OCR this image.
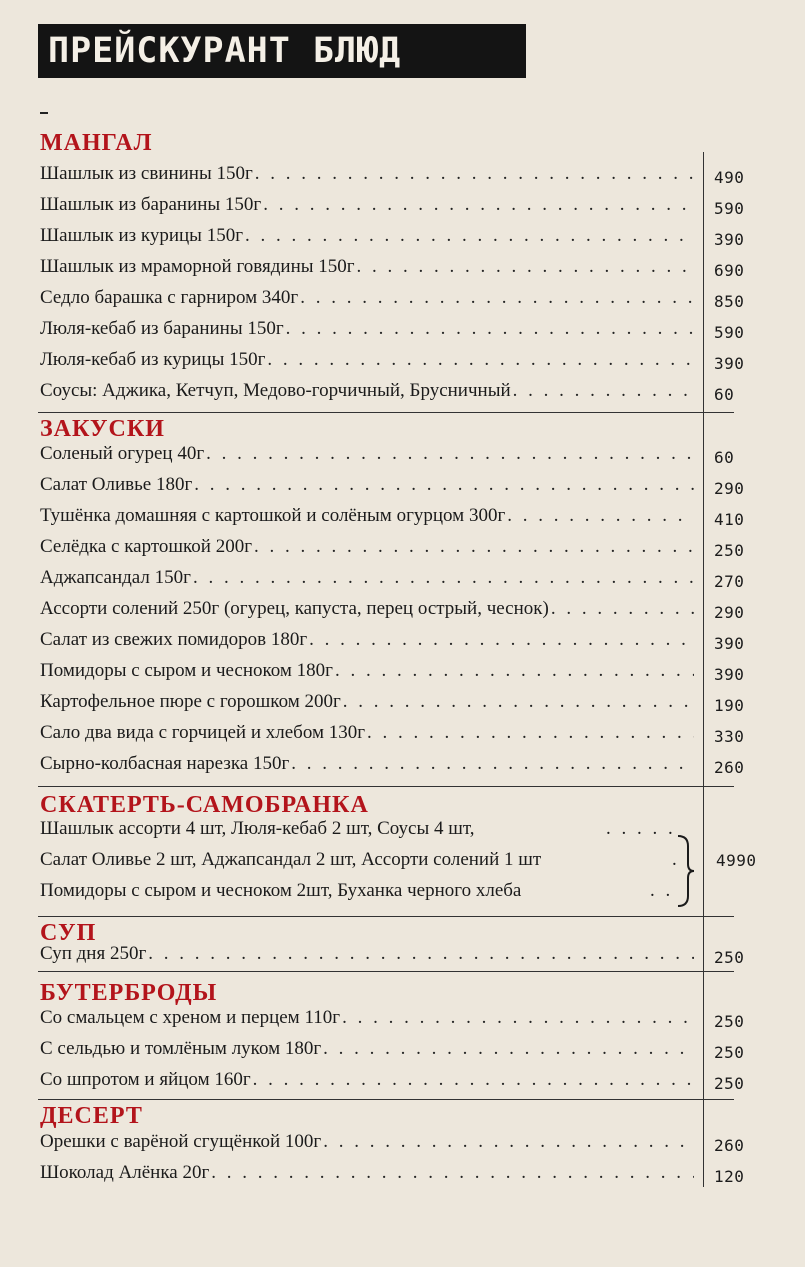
ПРЕЙСКУРАНТ БЛЮД
МАНГАЛ
Шашлык из свинины 150г . . .	490
Шашлык из баранины 150г . . .	590
Шашлык из курицы 150г . . .	390
Шашлык из мраморной говядины 150г . . .	690
Седло барашка с гарниром 340г . . .	850
Люля-кебаб из баранины 150г . . .	590
Люля-кебаб из курицы 150г . . .	390
Соусы: Аджика, Кетчуп, Медово-горчичный, Брусничный . . .	60
ЗАКУСКИ
Соленый огурец 40г . . .	60
Салат Оливье 180г . . .	290
Тушёнка домашняя с картошкой и солёным огурцом 300г . . .	410
Селёдка с картошкой 200г . . .	250
Аджапсандал 150г . . .	270
Ассорти солений 250г (огурец, капуста, перец острый, чеснок) . . .	290
Салат из свежих помидоров 180г . . .	390
Помидоры с сыром и чесноком 180г . . .	390
Картофельное пюре с горошком 200г . . .	190
Сало два вида с горчицей и хлебом 130г . . .	330
Сырно-колбасная нарезка 150г . . .	260
СКАТЕРТЬ-САМОБРАНКА
Шашлык ассорти 4 шт, Люля-кебаб 2 шт, Соусы 4 шт,	. . . . .
Салат Оливье 2 шт, Аджапсандал 2 шт, Ассорти солений 1 шт	.
Помидоры с сыром и чесноком 2шт, Буханка черного хлеба	. .
4990
СУП
Суп дня 250г . . .	250
БУТЕРБРОДЫ
Со смальцем с хреном и перцем 110г . . .	250
С сельдью и томлёным луком 180г . . .	250
Со шпротом и яйцом 160г . . .	250
ДЕСЕРТ
Орешки с варёной сгущёнкой 100г . . .	260
Шоколад Алёнка 20г . . .	120
